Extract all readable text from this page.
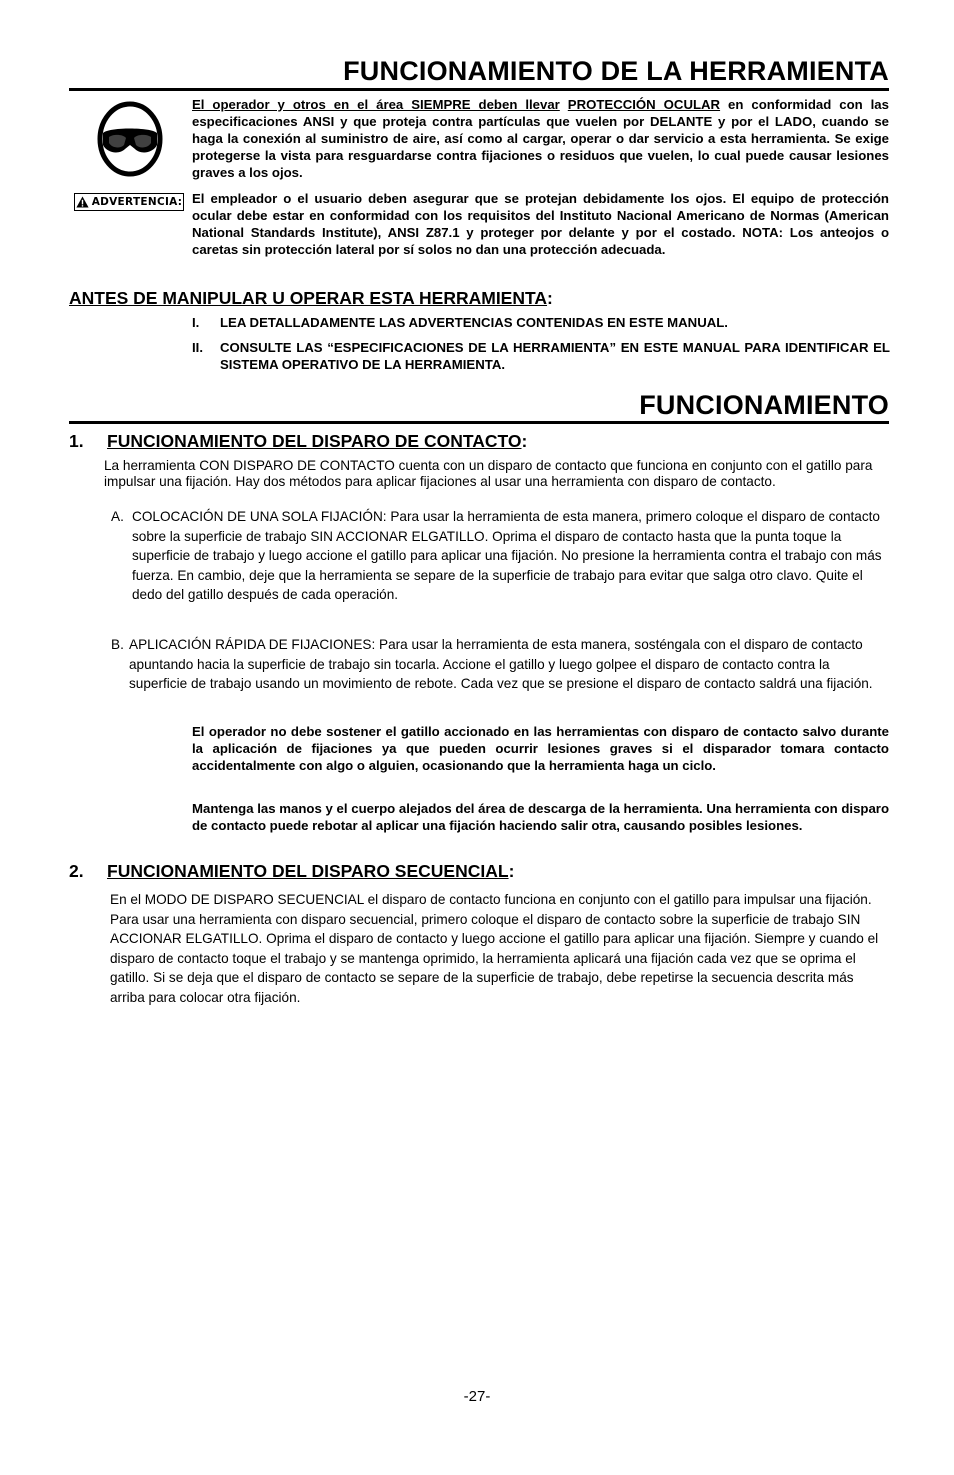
FUNCIONAMIENTO DE LA HERRAMIENTA
El operador y otros en el área SIEMPRE deben llevar PROTECCIÓN OCULAR en conformidad con las especificaciones ANSI y que proteja contra partículas que vuelen por DELANTE y por el LADO, cuando se haga la conexión al suministro de aire, así como al cargar, operar o dar servicio a esta herramienta. Se exige protegerse la vista para resguardarse contra fijaciones o residuos que vuelen, lo cual puede causar lesiones graves a los ojos.
ADVERTENCIA: El empleador o el usuario deben asegurar que se protejan debidamente los ojos. El equipo de protección ocular debe estar en conformidad con los requisitos del Instituto Nacional Americano de Normas (American National Standards Institute), ANSI Z87.1 y proteger por delante y por el costado. NOTA: Los anteojos o caretas sin protección lateral por sí solos no dan una protección adecuada.
ANTES DE MANIPULAR U OPERAR ESTA HERRAMIENTA:
I. LEA DETALLADAMENTE LAS ADVERTENCIAS CONTENIDAS EN ESTE MANUAL.
II. CONSULTE LAS “ESPECIFICACIONES DE LA HERRAMIENTA” EN ESTE MANUAL PARA IDENTIFICAR EL SISTEMA OPERATIVO DE LA HERRAMIENTA.
FUNCIONAMIENTO
1. FUNCIONAMIENTO DEL DISPARO DE CONTACTO:
La herramienta CON DISPARO DE CONTACTO cuenta con un disparo de contacto que funciona en conjunto con el gatillo para impulsar una fijación. Hay dos métodos para aplicar fijaciones al usar una herramienta con disparo de contacto.
A. COLOCACIÓN DE UNA SOLA FIJACIÓN: Para usar la herramienta de esta manera, primero coloque el disparo de contacto sobre la superficie de trabajo SIN ACCIONAR ELGATILLO. Oprima el disparo de contacto hasta que la punta toque la superficie de trabajo y luego accione el gatillo para aplicar una fijación. No presione la herramienta contra el trabajo con más fuerza. En cambio, deje que la herramienta se separe de la superficie de trabajo para evitar que salga otro clavo. Quite el dedo del gatillo después de cada operación.
B. APLICACIÓN RÁPIDA DE FIJACIONES: Para usar la herramienta de esta manera, sosténgala con el disparo de contacto apuntando hacia la superficie de trabajo sin tocarla. Accione el gatillo y luego golpee el disparo de contacto contra la superficie de trabajo usando un movimiento de rebote. Cada vez que se presione el disparo de contacto saldrá una fijación.
El operador no debe sostener el gatillo accionado en las herramientas con disparo de contacto salvo durante la aplicación de fijaciones ya que pueden ocurrir lesiones graves si el disparador tomara contacto accidentalmente con algo o alguien, ocasionando que la herramienta haga un ciclo.
Mantenga las manos y el cuerpo alejados del área de descarga de la herramienta. Una herramienta con disparo de contacto puede rebotar al aplicar una fijación haciendo salir otra, causando posibles lesiones.
2. FUNCIONAMIENTO DEL DISPARO SECUENCIAL:
En el MODO DE DISPARO SECUENCIAL el disparo de contacto funciona en conjunto con el gatillo para impulsar una fijación. Para usar una herramienta con disparo secuencial, primero coloque el disparo de contacto sobre la superficie de trabajo SIN ACCIONAR ELGATILLO. Oprima el disparo de contacto y luego accione el gatillo para aplicar una fijación. Siempre y cuando el disparo de contacto toque el trabajo y se mantenga oprimido, la herramienta aplicará una fijación cada vez que se oprima el gatillo. Si se deja que el disparo de contacto se separe de la superficie de trabajo, debe repetirse la secuencia descrita más arriba para colocar otra fijación.
-27-
